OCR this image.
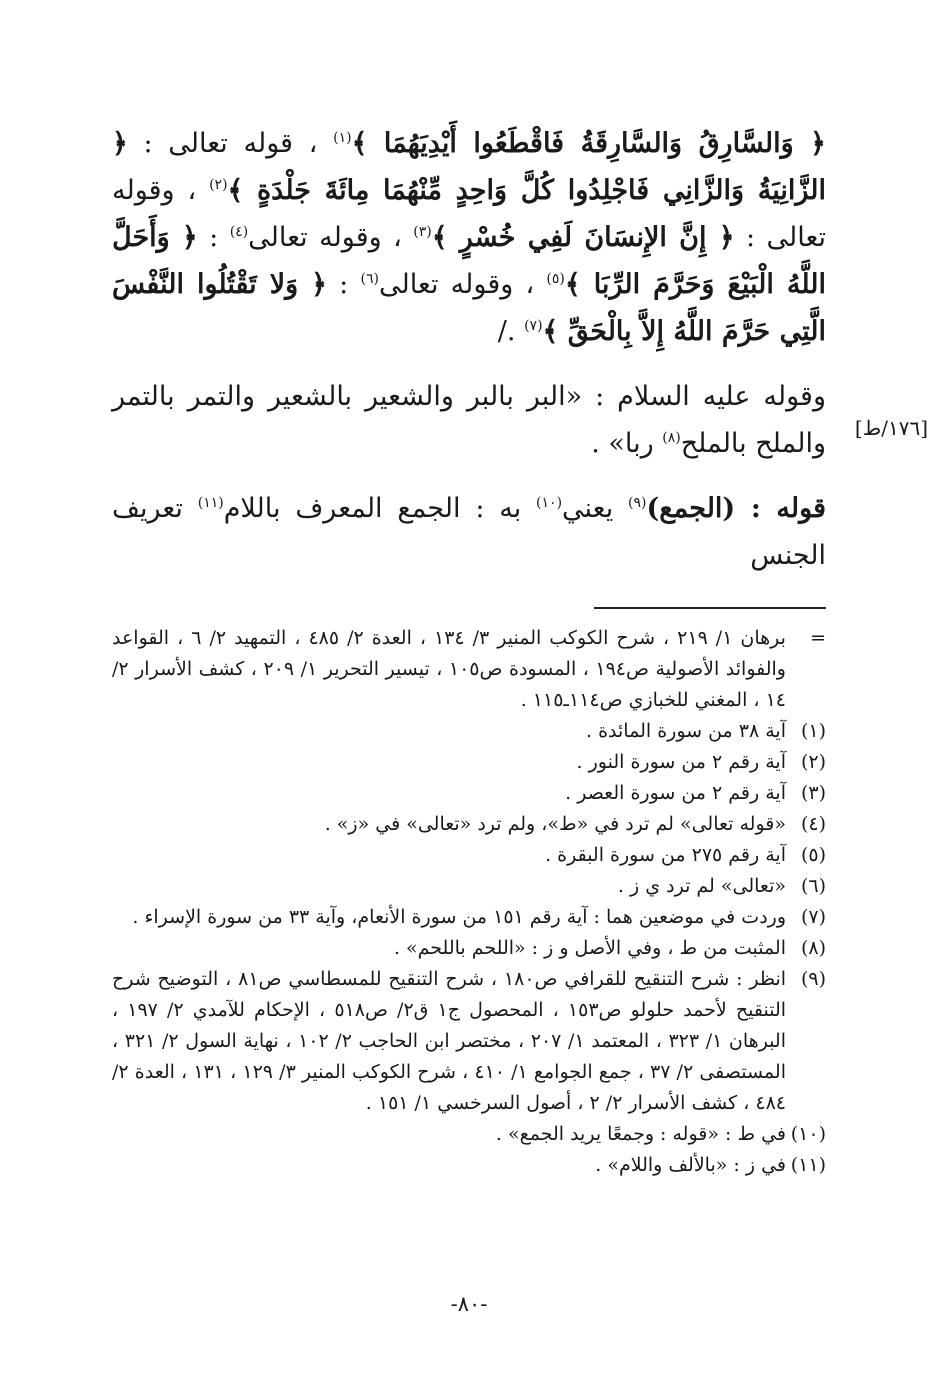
﴿ وَالسَّارِقُ وَالسَّارِقَةُ فَاقْطَعُوا أَيْدِيَهُمَا ﴾$^{(١)}$ ، قوله تعالى : ﴿ الزَّانِيَةُ وَالزَّانِي فَاجْلِدُوا كُلَّ وَاحِدٍ مِّنْهُمَا مِائَةَ جَلْدَةٍ ﴾$^{(٢)}$ ، وقوله تعالى : ﴿ إِنَّ الإِنسَانَ لَفِي خُسْرٍ ﴾$^{(٣)}$ ، وقوله تعالى$^{(٤)}$ : ﴿ وَأَحَلَّ اللَّهُ الْبَيْعَ وَحَرَّمَ الرِّبَا ﴾$^{(٥)}$ ، وقوله تعالى$^{(٦)}$ : ﴿ وَلا تَقْتُلُوا النَّفْسَ الَّتِي حَرَّمَ اللَّهُ إِلاَّ بِالْحَقِّ ﴾$^{(٧)}$ ./

وقوله عليه السلام : «البر بالبر والشعير بالشعير والتمر بالتمر والملح بالملح$^{(٨)}$ ربا» .

قوله : (الجمع)$^{(٩)}$ يعني$^{(١٠)}$ به : الجمع المعرف باللام$^{(١١)}$ تعريف الجنس

[١٧٦/ط]
=
برهان ١/ ٢١٩ ، شرح الكوكب المنير ٣/ ١٣٤ ، العدة ٢/ ٤٨٥ ، التمهيد ٢/ ٦ ، القواعد والفوائد الأصولية ص١٩٤ ، المسودة ص١٠٥ ، تيسير التحرير ١/ ٢٠٩ ، كشف الأسرار ٢/ ١٤ ، المغني للخبازي ص١١٤ـ١١٥ .
(١)
آية ٣٨ من سورة المائدة .
(٢)
آية رقم ٢ من سورة النور .
(٣)
آية رقم ٢ من سورة العصر .
(٤)
«قوله تعالى» لم ترد في «ط»، ولم ترد «تعالى» في «ز» .
(٥)
آية رقم ٢٧٥ من سورة البقرة .
(٦)
«تعالى» لم ترد ي ز .
(٧)
وردت في موضعين هما : آية رقم ١٥١ من سورة الأنعام، وآية ٣٣ من سورة الإسراء .
(٨)
المثبت من ط ، وفي الأصل و ز : «اللحم باللحم» .
(٩)
انظر : شرح التنقيح للقرافي ص١٨٠ ، شرح التنقيح للمسطاسي ص٨١ ، التوضيح شرح التنقيح لأحمد حلولو ص١٥٣ ، المحصول ج١ ق٢/ ص٥١٨ ، الإحكام للآمدي ٢/ ١٩٧ ، البرهان ١/ ٣٢٣ ، المعتمد ١/ ٢٠٧ ، مختصر ابن الحاجب ٢/ ١٠٢ ، نهاية السول ٢/ ٣٢١ ، المستصفى ٢/ ٣٧ ، جمع الجوامع ١/ ٤١٠ ، شرح الكوكب المنير ٣/ ١٢٩ ، ١٣١ ، العدة ٢/ ٤٨٤ ، كشف الأسرار ٢/ ٢ ، أصول السرخسي ١/ ١٥١ .
(١٠)
في ط : «قوله : وجمعًا يريد الجمع» .
(١١)
في ز : «بالألف واللام» .
-٨٠-
